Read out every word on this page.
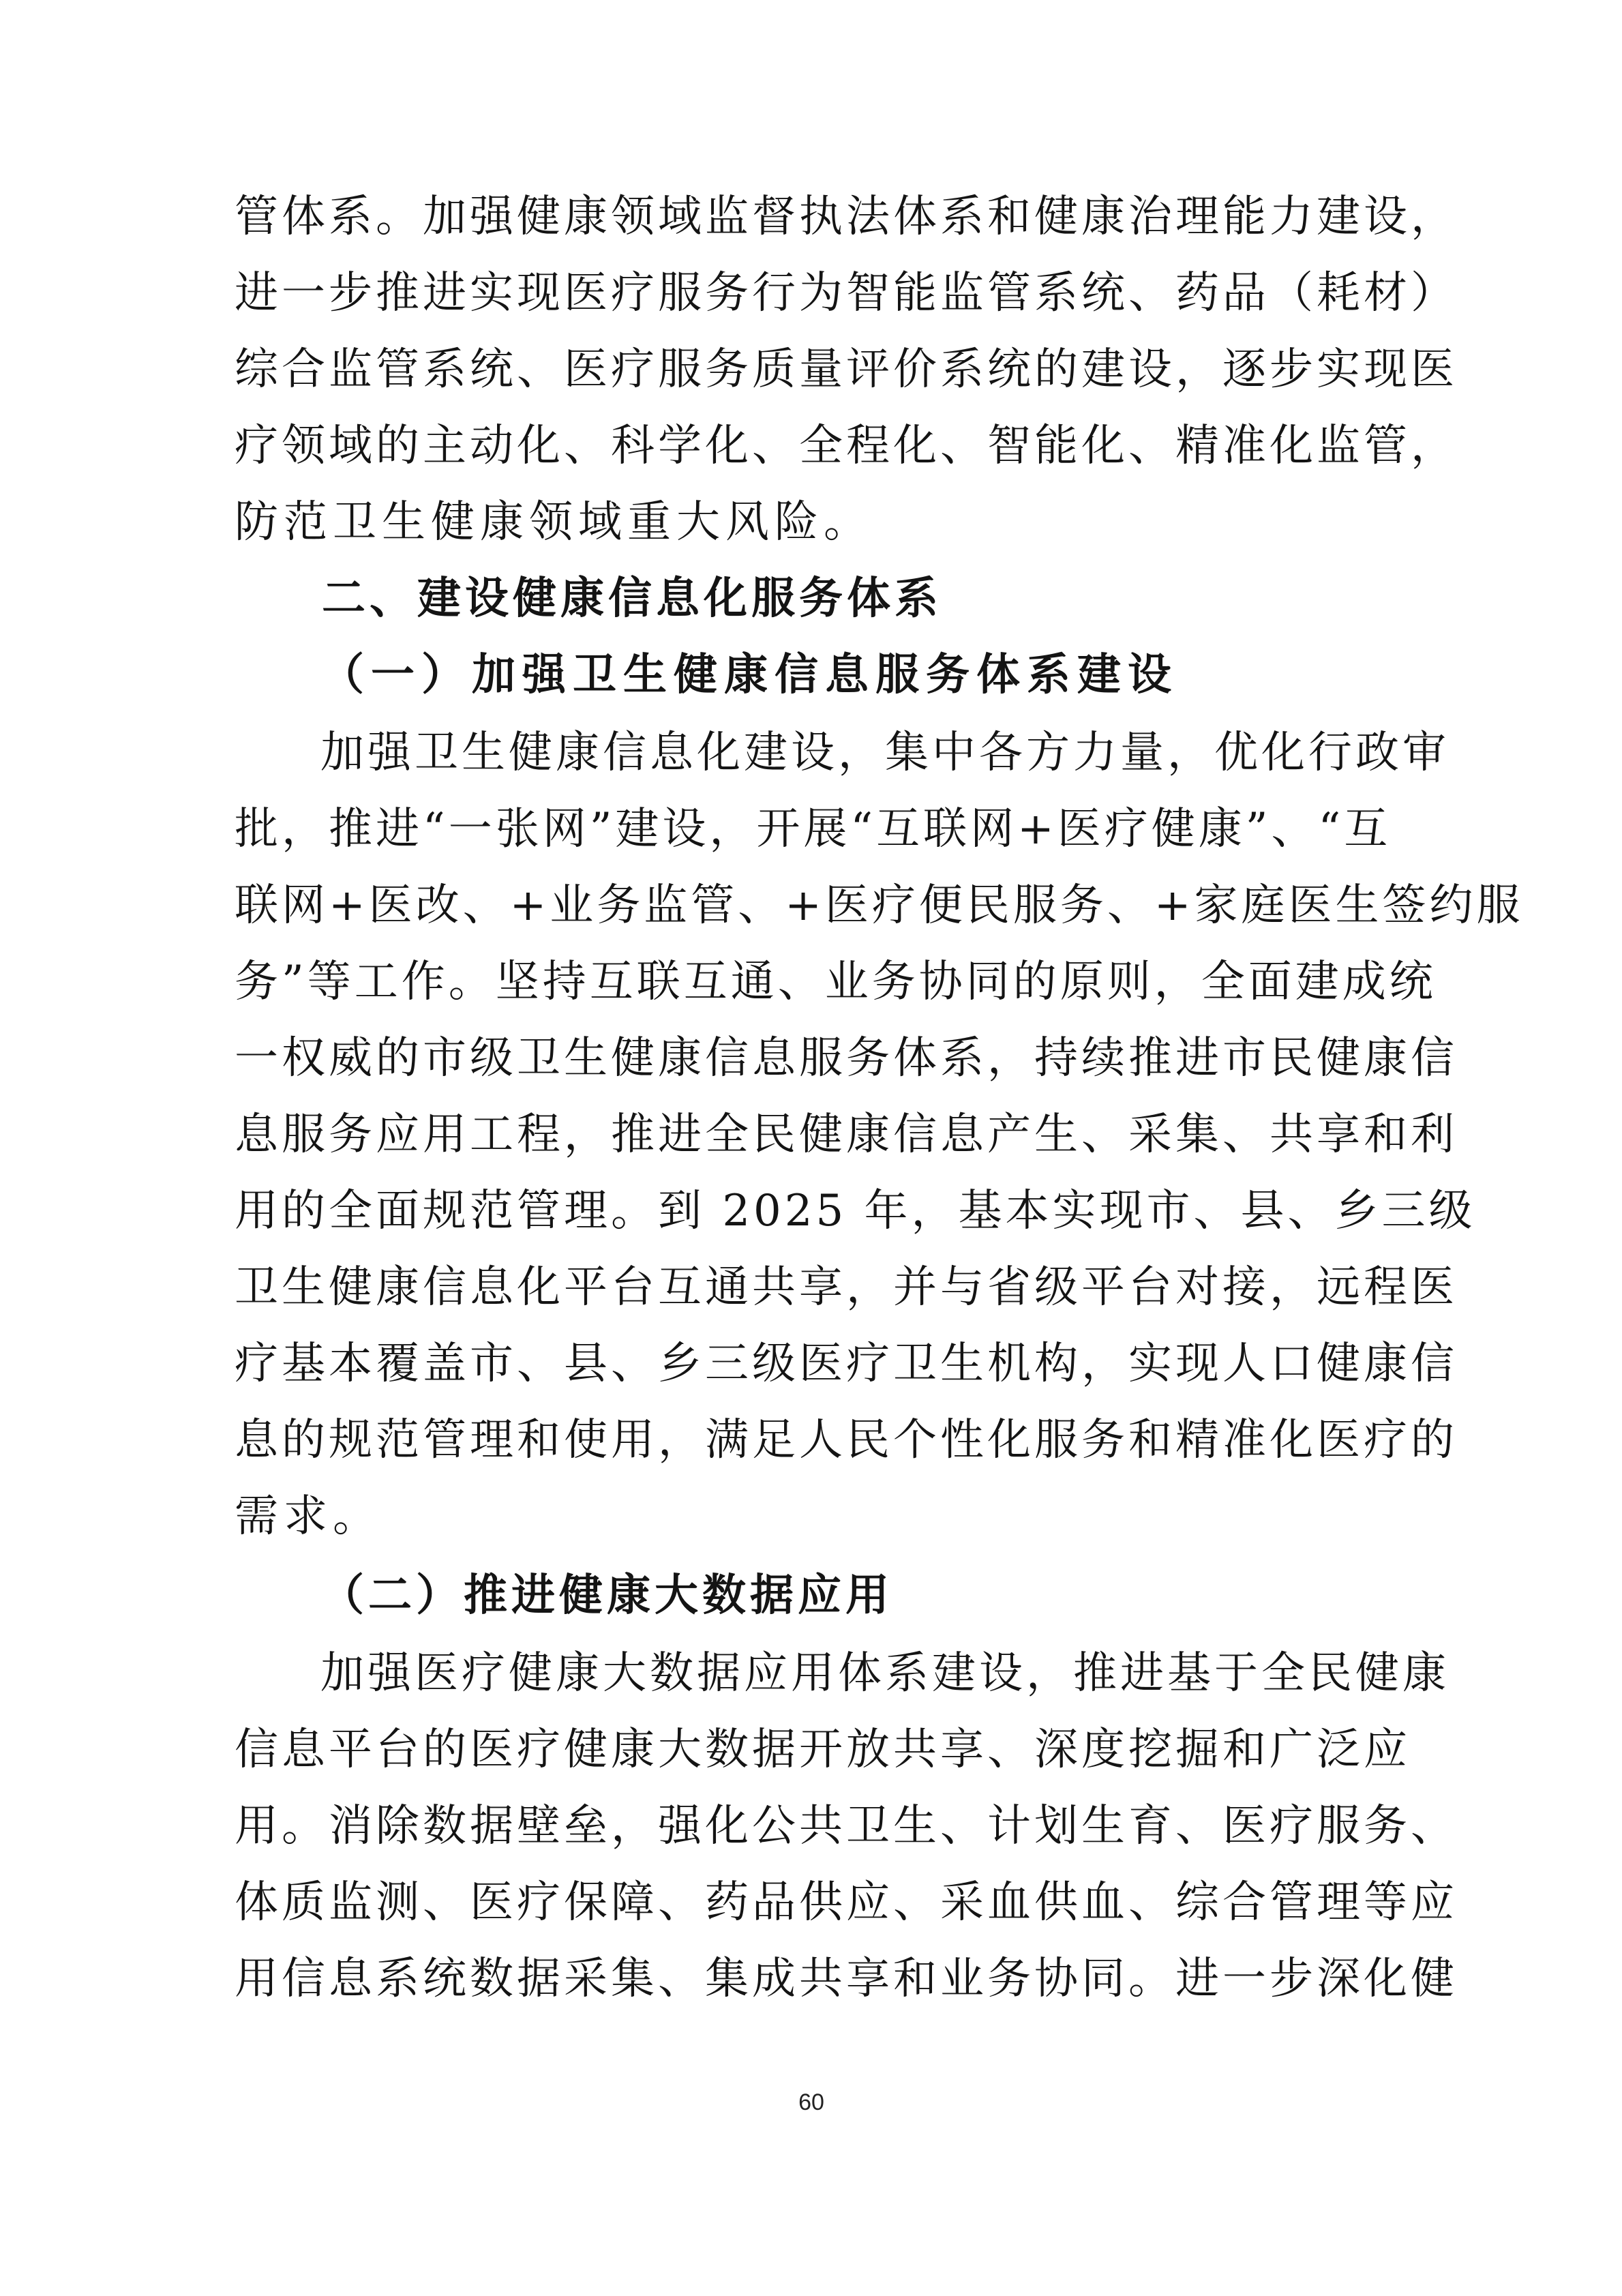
管体系。加强健康领域监督执法体系和健康治理能力建设，
进一步推进实现医疗服务行为智能监管系统、药品（耗材）
综合监管系统、医疗服务质量评价系统的建设，逐步实现医
疗领域的主动化、科学化、全程化、智能化、精准化监管，
防范卫生健康领域重大风险。
二、建设健康信息化服务体系
（一）加强卫生健康信息服务体系建设
加强卫生健康信息化建设，集中各方力量，优化行政审
批，推进“一张网”建设，开展“互联网+医疗健康”、“互
联网+医改、+业务监管、+医疗便民服务、+家庭医生签约服
务”等工作。坚持互联互通、业务协同的原则，全面建成统
一权威的市级卫生健康信息服务体系，持续推进市民健康信
息服务应用工程，推进全民健康信息产生、采集、共享和利
用的全面规范管理。到 2025 年，基本实现市、县、乡三级
卫生健康信息化平台互通共享，并与省级平台对接，远程医
疗基本覆盖市、县、乡三级医疗卫生机构，实现人口健康信
息的规范管理和使用，满足人民个性化服务和精准化医疗的
需求。
（二）推进健康大数据应用
加强医疗健康大数据应用体系建设，推进基于全民健康
信息平台的医疗健康大数据开放共享、深度挖掘和广泛应
用。消除数据壁垒，强化公共卫生、计划生育、医疗服务、
体质监测、医疗保障、药品供应、采血供血、综合管理等应
用信息系统数据采集、集成共享和业务协同。进一步深化健
60
